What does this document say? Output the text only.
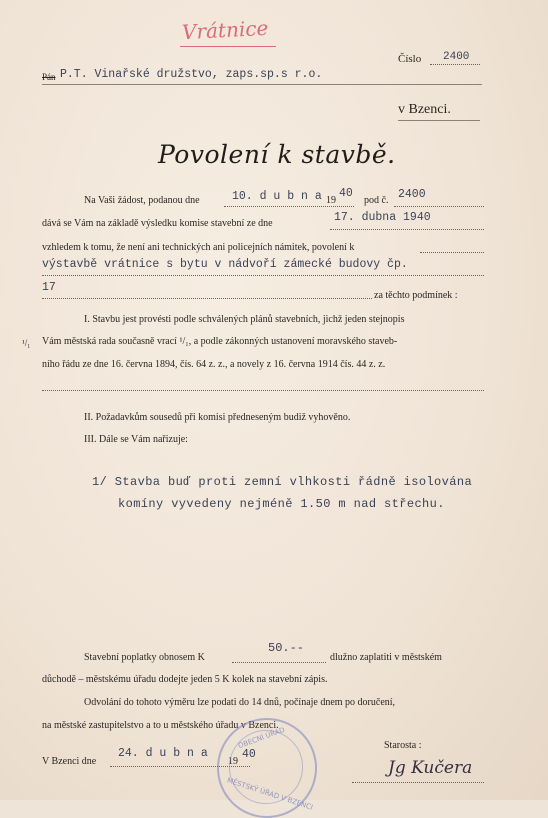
Vrátnice
Číslo 2400
Pán P.T. Vinařské družstvo, zaps.sp.s r.o.
v Bzenci.
Povolení k stavbě.
Na Vaši žádost, podanou dne	10. d u b n a 19
40
pod č. 2400
dává se Vám na základě výsledku komise stavební ze dne	17. dubna 1940
vzhledem k tomu, že není ani technických ani policejních námitek, povolení k
výstavbě vrátnice s bytu v nádvoří zámecké budovy čp.
17
za těchto podmínek :
I. Stavbu jest provésti podle schválených plánů stavebních, jichž jeden stejnopis
¹/₁ Vám městská rada současně vrací ¹/₁, a podle zákonných ustanovení moravského staveb-
ního řádu ze dne 16. června 1894, čís. 64 z. z., a novely z 16. června 1914 čís. 44 z. z.
II. Požadavkům sousedů při komisi předneseným budiž vyhověno.
III. Dále se Vám nařizuje:
1/ Stavba buď proti zemní vlhkosti řádně isolována
komíny vyvedeny nejméně 1.50 m nad střechu.
Stavební poplatky obnosem K
50.--
dlužno zaplatiti v městském
důchodě – městskému úřadu dodejte jeden 5 K kolek na stavební zápis.
Odvolání do tohoto výměru lze podati do 14 dnů, počínaje dnem po doručení,
na městské zastupitelstvo a to u městského úřadu v Bzenci.
V Bzenci dne
24. d u b n a
19
40
Starosta :
Jg Kučera
OBECNÍ ÚŘAD
MĚSTSKÝ ÚŘAD V BZENCI
